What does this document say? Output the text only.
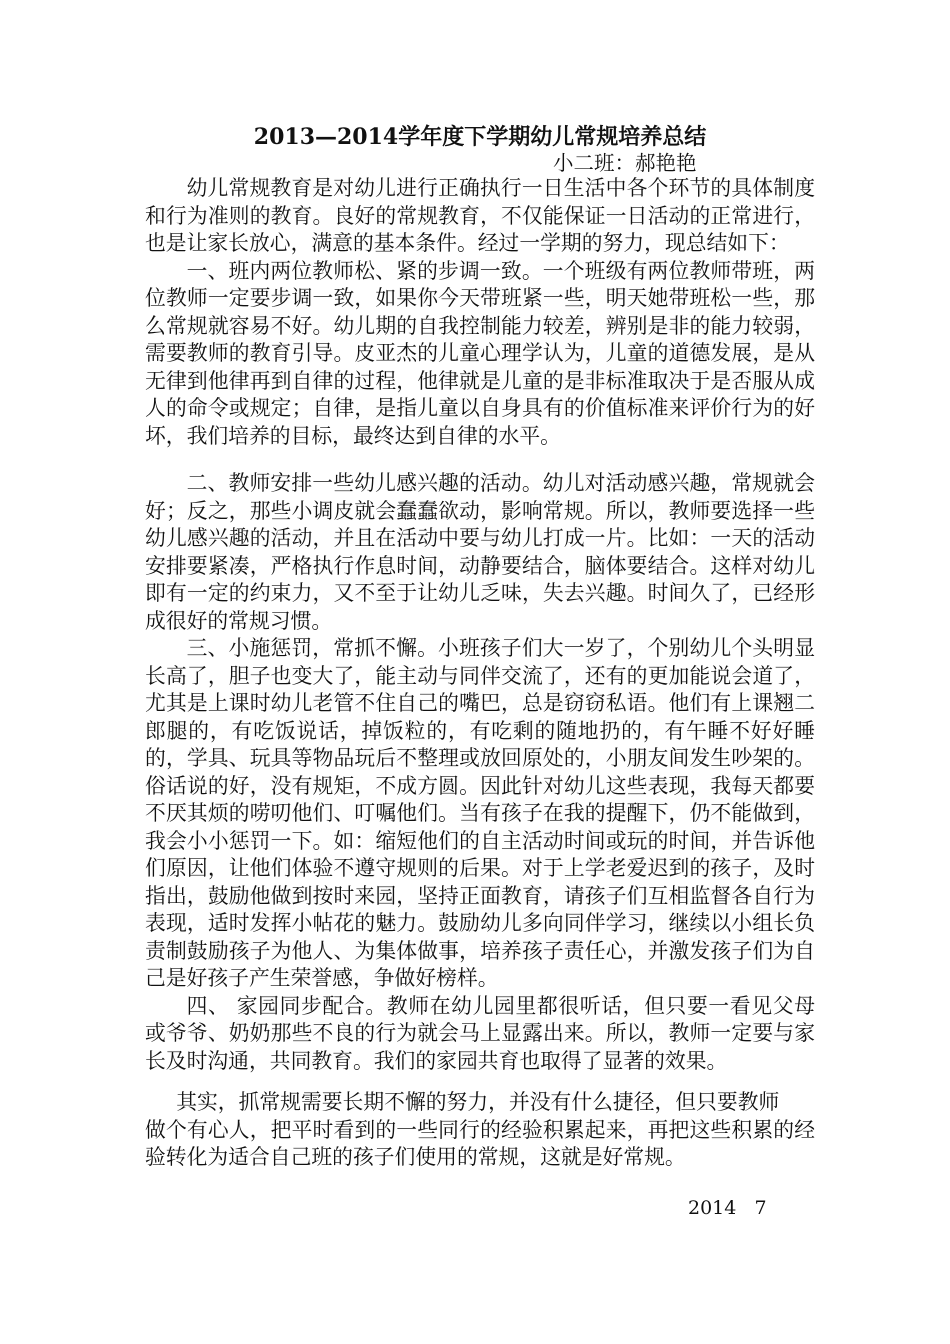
2013—2014学年度下学期幼儿常规培养总结
小二班：郝艳艳

幼儿常规教育是对幼儿进行正确执行一日生活中各个环节的具体制度和行为准则的教育。良好的常规教育，不仅能保证一日活动的正常进行，也是让家长放心，满意的基本条件。经过一学期的努力，现总结如下：

一、班内两位教师松、紧的步调一致。一个班级有两位教师带班，两位教师一定要步调一致，如果你今天带班紧一些，明天她带班松一些，那么常规就容易不好。幼儿期的自我控制能力较差，辨别是非的能力较弱，需要教师的教育引导。皮亚杰的儿童心理学认为，儿童的道德发展，是从无律到他律再到自律的过程，他律就是儿童的是非标准取决于是否服从成人的命令或规定；自律，是指儿童以自身具有的价值标准来评价行为的好坏，我们培养的目标，最终达到自律的水平。

二、教师安排一些幼儿感兴趣的活动。幼儿对活动感兴趣，常规就会好；反之，那些小调皮就会蠢蠢欲动，影响常规。所以，教师要选择一些幼儿感兴趣的活动，并且在活动中要与幼儿打成一片。比如：一天的活动安排要紧凑，严格执行作息时间，动静要结合，脑体要结合。这样对幼儿即有一定的约束力，又不至于让幼儿乏味，失去兴趣。时间久了，已经形成很好的常规习惯。

三、小施惩罚，常抓不懈。小班孩子们大一岁了，个别幼儿个头明显长高了，胆子也变大了，能主动与同伴交流了，还有的更加能说会道了，尤其是上课时幼儿老管不住自己的嘴巴，总是窃窃私语。他们有上课翘二郎腿的，有吃饭说话，掉饭粒的，有吃剩的随地扔的，有午睡不好好睡的，学具、玩具等物品玩后不整理或放回原处的，小朋友间发生吵架的。俗话说的好，没有规矩，不成方圆。因此针对幼儿这些表现，我每天都要不厌其烦的唠叨他们、叮嘱他们。当有孩子在我的提醒下，仍不能做到，我会小小惩罚一下。如：缩短他们的自主活动时间或玩的时间，并告诉他们原因，让他们体验不遵守规则的后果。对于上学老爱迟到的孩子，及时指出，鼓励他做到按时来园，坚持正面教育，请孩子们互相监督各自行为表现，适时发挥小帖花的魅力。鼓励幼儿多向同伴学习，继续以小组长负责制鼓励孩子为他人、为集体做事，培养孩子责任心，并激发孩子们为自己是好孩子产生荣誉感，争做好榜样。

四、 家园同步配合。教师在幼儿园里都很听话，但只要一看见父母或爷爷、奶奶那些不良的行为就会马上显露出来。所以，教师一定要与家长及时沟通，共同教育。我们的家园共育也取得了显著的效果。

其实，抓常规需要长期不懈的努力，并没有什么捷径，但只要教师

做个有心人，把平时看到的一些同行的经验积累起来，再把这些积累的经验转化为适合自己班的孩子们使用的常规，这就是好常规。

2014   7
